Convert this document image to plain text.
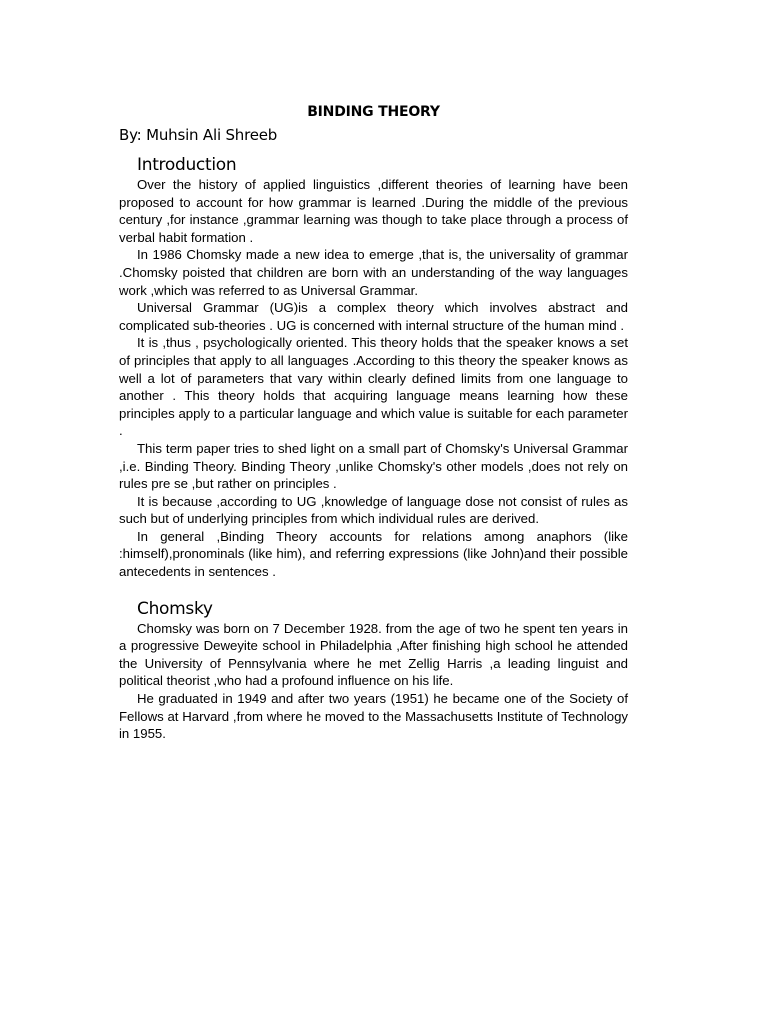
BINDING THEORY
By: Muhsin Ali Shreeb
Introduction

Over the history of applied linguistics ,different theories of learning have been proposed to account for how grammar is learned .During the middle of the previous century ,for instance ,grammar learning was though to take place through a process of verbal habit formation .

In 1986 Chomsky made a new idea to emerge ,that is, the universality of grammar .Chomsky poisted that children are born with an understanding of the way languages work ,which was referred to as Universal Grammar.

Universal Grammar (UG)is a complex theory which involves abstract and complicated sub-theories . UG is concerned with internal structure of the human mind .

It is ,thus , psychologically oriented. This theory holds that the speaker knows a set of principles that apply to all languages .According to this theory the speaker knows as well a lot of parameters that vary within clearly defined limits from one language to another . This theory holds that acquiring language means learning how these principles apply to a particular language and which value is suitable for each parameter .

This term paper tries to shed light on a small part of Chomsky's Universal Grammar ,i.e. Binding Theory. Binding Theory ,unlike Chomsky's other models ,does not rely on rules pre se ,but rather on principles .

It is because ,according to UG ,knowledge of language dose not consist of rules as such but of underlying principles from which individual rules are derived.

In general ,Binding Theory accounts for relations among anaphors (like :himself),pronominals (like him), and referring expressions (like John)and their possible antecedents in sentences .

Chomsky

Chomsky was born on 7 December 1928. from the age of two he spent ten years in a progressive Deweyite school in Philadelphia ,After finishing high school he attended the University of Pennsylvania where he met Zellig Harris ,a leading linguist and political theorist ,who had a profound influence on his life.

He graduated in 1949 and after two years (1951) he became one of the Society of Fellows at Harvard ,from where he moved to the Massachusetts Institute of Technology in 1955.
